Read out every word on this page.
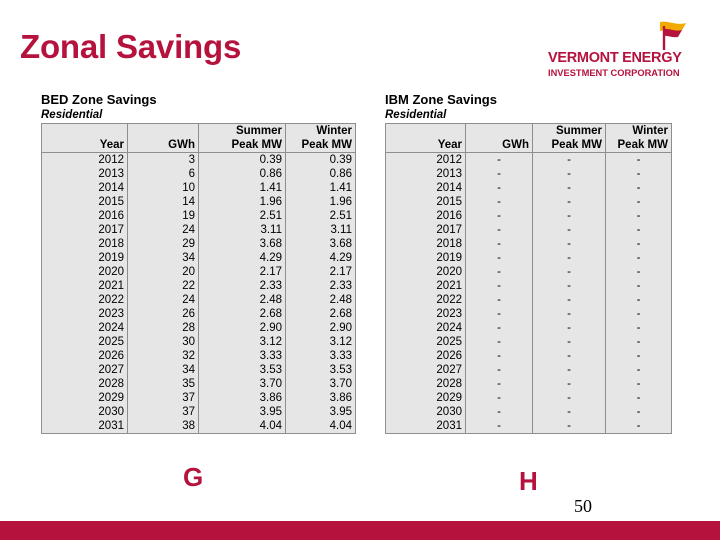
Zonal Savings	VERMONT ENERGY
INVESTMENT CORPORATION
BED Zone Savings
Residential
		Summer	Winter
Year	GWh	Peak MW	Peak MW
2012	3	0.39	0.39
2013	6	0.86	0.86
2014	10	1.41	1.41
2015	14	1.96	1.96
2016	19	2.51	2.51
2017	24	3.11	3.11
2018	29	3.68	3.68
2019	34	4.29	4.29
2020	20	2.17	2.17
2021	22	2.33	2.33
2022	24	2.48	2.48
2023	26	2.68	2.68
2024	28	2.90	2.90
2025	30	3.12	3.12
2026	32	3.33	3.33
2027	34	3.53	3.53
2028	35	3.70	3.70
2029	37	3.86	3.86
2030	37	3.95	3.95
2031	38	4.04	4.04
IBM Zone Savings
Residential
		Summer	Winter
Year	GWh	Peak MW	Peak MW
2012	-	-	-
2013	-	-	-
2014	-	-	-
2015	-	-	-
2016	-	-	-
2017	-	-	-
2018	-	-	-
2019	-	-	-
2020	-	-	-
2021	-	-	-
2022	-	-	-
2023	-	-	-
2024	-	-	-
2025	-	-	-
2026	-	-	-
2027	-	-	-
2028	-	-	-
2029	-	-	-
2030	-	-	-
2031	-	-	-
G	H
50
